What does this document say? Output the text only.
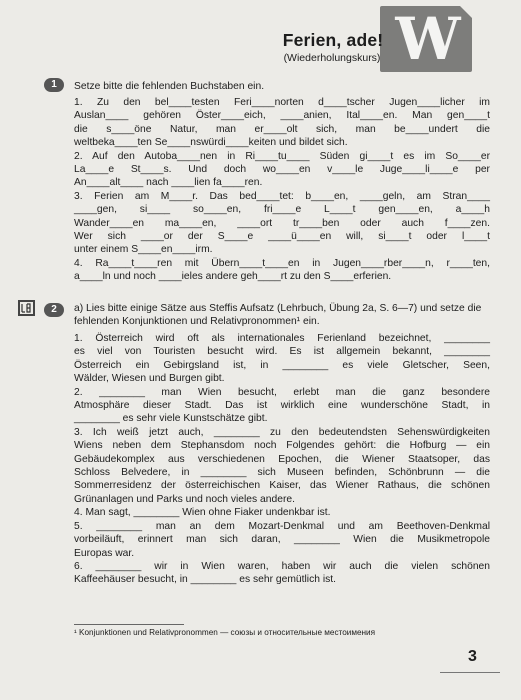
W
Ferien, ade!
(Wiederholungskurs)
1	Setze bitte die fehlenden Buchstaben ein.

1. Zu den bel____testen Feri____norten d____tscher Jugen____licher im

Auslan____ gehören Öster____eich, ____anien, Ital____en. Man gen____t

die s____öne Natur, man er____olt sich, man be____undert die

weltbeka____ten Se____nswürdi____keiten und bildet sich.

2. Auf den Autoba____nen in Ri____tu____ Süden gi____t es im So____er

La____e St____s. Und doch wo____en v____le Juge____li____e per

An____alt____ nach ____lien fa____ren.

3. Ferien am M____r. Das bed____tet: b____en, ____geln, am Stran____

____gen, si____ so____en, fri____e L____t gen____en, a____h

Wander____en ma____en, ____ort tr____ben oder auch f____zen.

Wer sich ____or der S____e ____ü____en will, si____t oder l____t

unter einem S____en____irm.

4. Ra____t____ren mit Übern____t____en in Jugen____rber____n, r____ten,

a____ln und noch ____ieles andere geh____rt zu den S____erferien.

2	a) Lies bitte einige Sätze aus Steffis Aufsatz (Lehrbuch, Übung 2a, S. 6—7) und setze die fehlenden Konjunktionen und Relativpronommen¹ ein.

1. Österreich wird oft als internationales Ferienland bezeichnet, ________

es viel von Touristen besucht wird. Es ist allgemein bekannt, ________

Österreich ein Gebirgsland ist, in ________ es viele Gletscher, Seen,

Wälder, Wiesen und Burgen gibt.

2. ________ man Wien besucht, erlebt man die ganz besondere

Atmosphäre dieser Stadt. Das ist wirklich eine wunderschöne Stadt, in

________ es sehr viele Kunstschätze gibt.

3. Ich weiß jetzt auch, ________ zu den bedeutendsten Sehenswürdigkeiten

Wiens neben dem Stephansdom noch Folgendes gehört: die Hofburg — ein

Gebäudekomplex aus verschiedenen Epochen, die Wiener Staatsoper, das

Schloss Belvedere, in ________ sich Museen befinden, Schönbrunn — die

Sommerresidenz der österreichischen Kaiser, das Wiener Rathaus, die schönen

Grünanlagen und Parks und noch vieles andere.

4. Man sagt, ________ Wien ohne Fiaker undenkbar ist.

5. ________ man an dem Mozart-Denkmal und am Beethoven-Denkmal

vorbeiläuft, erinnert man sich daran, ________ Wien die Musikmetropole

Europas war.

6. ________ wir in Wien waren, haben wir auch die vielen schönen

Kaffeehäuser besucht, in ________ es sehr gemütlich ist.

¹ Konjunktionen und Relativpronommen — союзы и относительные местоимения
3
